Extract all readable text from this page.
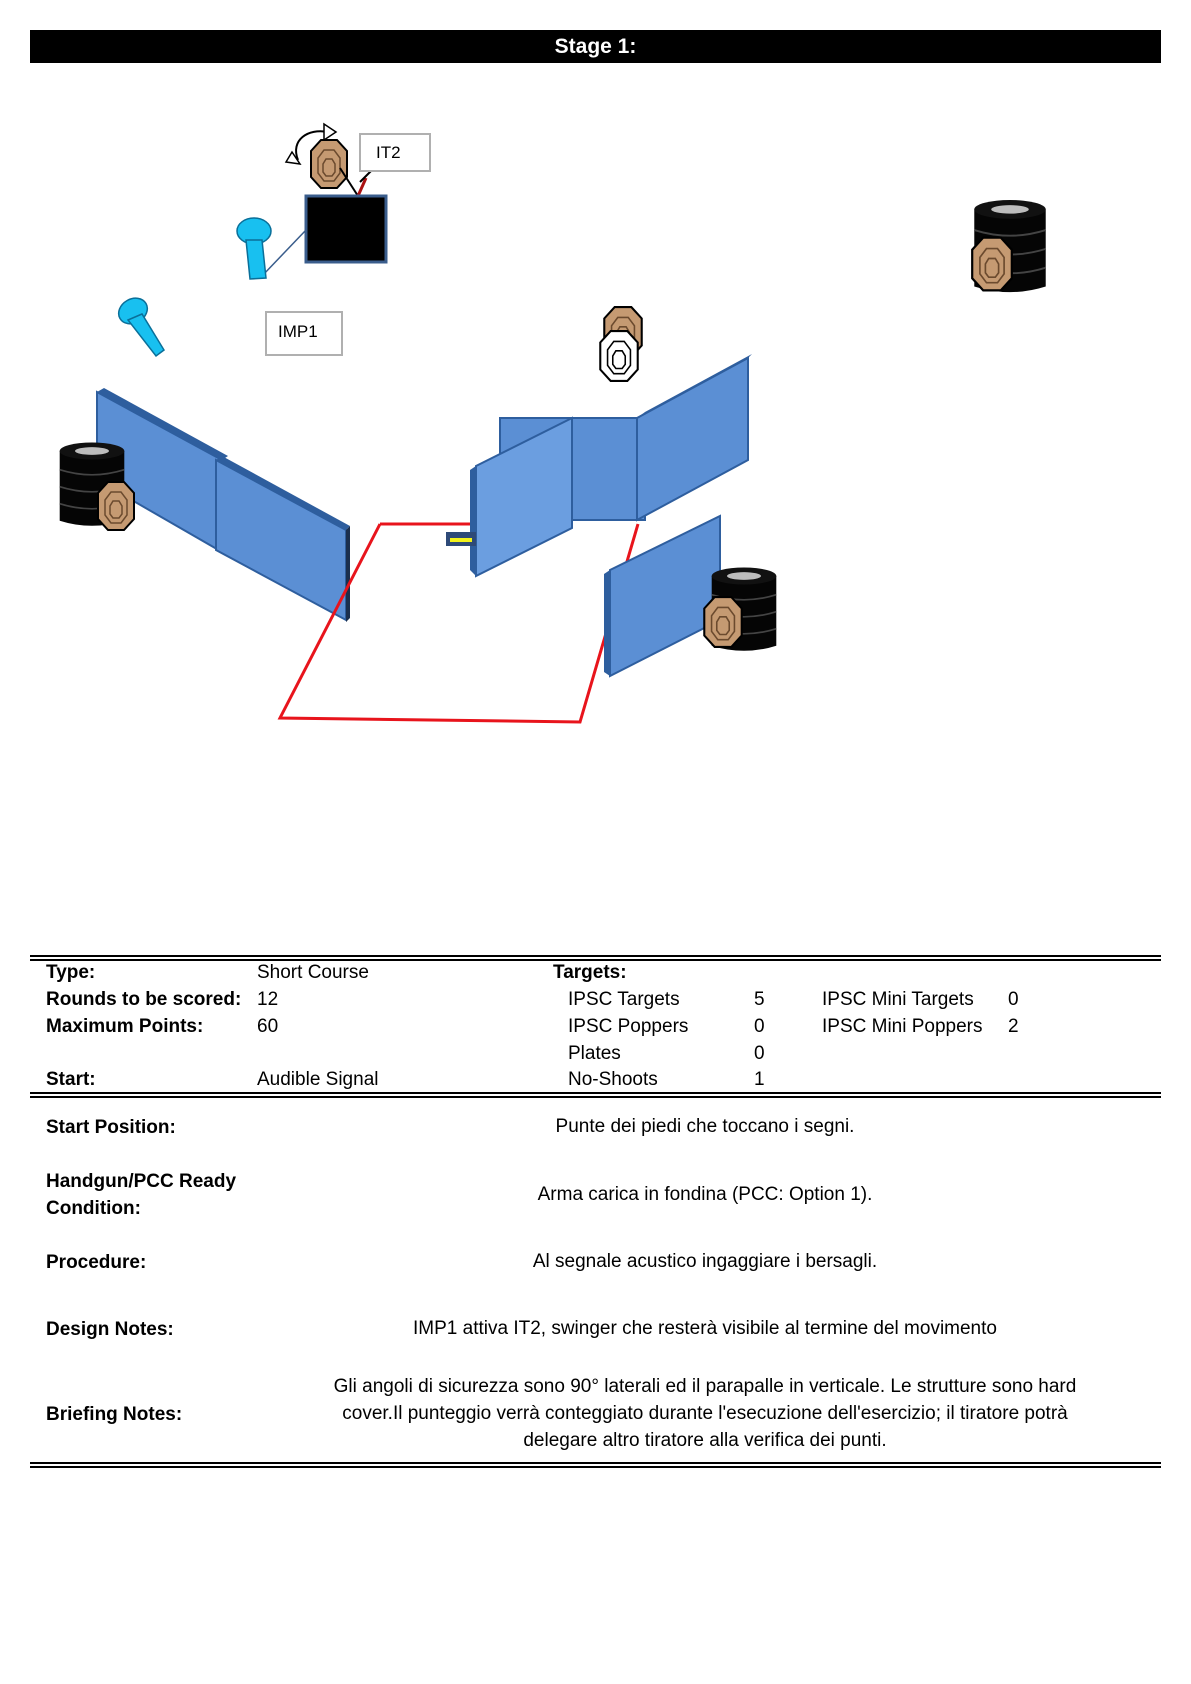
Stage 1:
IT2
IMP1
Type:	Short Course	Targets:
Rounds to be scored: 12	IPSC Targets	5	IPSC Mini Targets 0
Maximum Points:	60	IPSC Poppers	0	IPSC Mini Poppers 2
Plates	0
Start:	Audible Signal	No-Shoots	1
Start Position:	Punte dei piedi che toccano i segni.
Handgun/PCC Ready
Condition:
Arma carica in fondina (PCC: Option 1).
Procedure:	Al segnale acustico ingaggiare i bersagli.
Design Notes:	IMP1 attiva IT2, swinger che resterà visibile al termine del movimento
Briefing Notes:
Gli angoli di sicurezza sono 90° laterali ed il parapalle in verticale. Le strutture sono hard
cover.Il punteggio verrà conteggiato durante l'esecuzione dell'esercizio; il tiratore potrà
delegare altro tiratore alla verifica dei punti.
